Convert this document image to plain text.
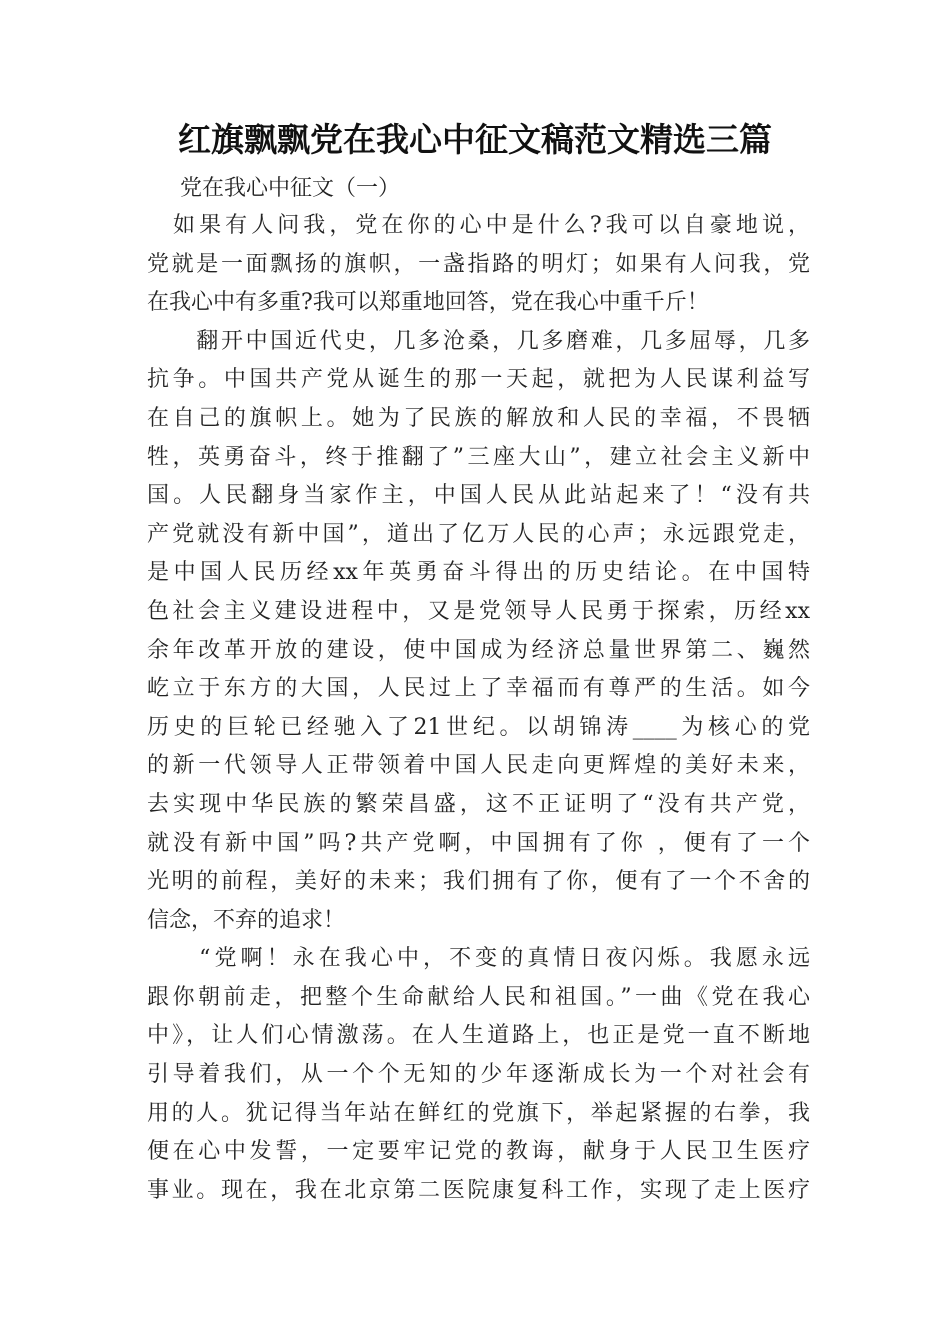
红旗飘飘党在我心中征文稿范文精选三篇
党在我心中征文（一）
　如果有人问我，党在你的心中是什么?我可以自豪地说，
党就是一面飘扬的旗帜，一盏指路的明灯；如果有人问我，党
在我心中有多重?我可以郑重地回答，党在我心中重千斤！
　　翻开中国近代史，几多沧桑，几多磨难，几多屈辱，几多
抗争。中国共产党从诞生的那一天起，就把为人民谋利益写
在自己的旗帜上。她为了民族的解放和人民的幸福，不畏牺
牲，英勇奋斗，终于推翻了”三座大山”，建立社会主义新中
国。人民翻身当家作主，中国人民从此站起来了！“没有共
产党就没有新中国”，道出了亿万人民的心声；永远跟党走，
是中国人民历经xx年英勇奋斗得出的历史结论。在中国特
色社会主义建设进程中，又是党领导人民勇于探索，历经xx
余年改革开放的建设，使中国成为经济总量世界第二、巍然
屹立于东方的大国，人民过上了幸福而有尊严的生活。如今
历史的巨轮已经驰入了21世纪。以胡锦涛____为核心的党
的新一代领导人正带领着中国人民走向更辉煌的美好未来，
去实现中华民族的繁荣昌盛，这不正证明了“没有共产党，
就没有新中国”吗?共产党啊，中国拥有了你 ，便有了一个
光明的前程，美好的未来；我们拥有了你，便有了一个不舍的
信念，不弃的追求！
　　“党啊！永在我心中，不变的真情日夜闪烁。我愿永远
跟你朝前走，把整个生命献给人民和祖国。”一曲《党在我心
中》，让人们心情激荡。在人生道路上，也正是党一直不断地
引导着我们，从一个个无知的少年逐渐成长为一个对社会有
用的人。犹记得当年站在鲜红的党旗下，举起紧握的右拳，我
便在心中发誓，一定要牢记党的教诲，献身于人民卫生医疗
事业。现在，我在北京第二医院康复科工作，实现了走上医疗
